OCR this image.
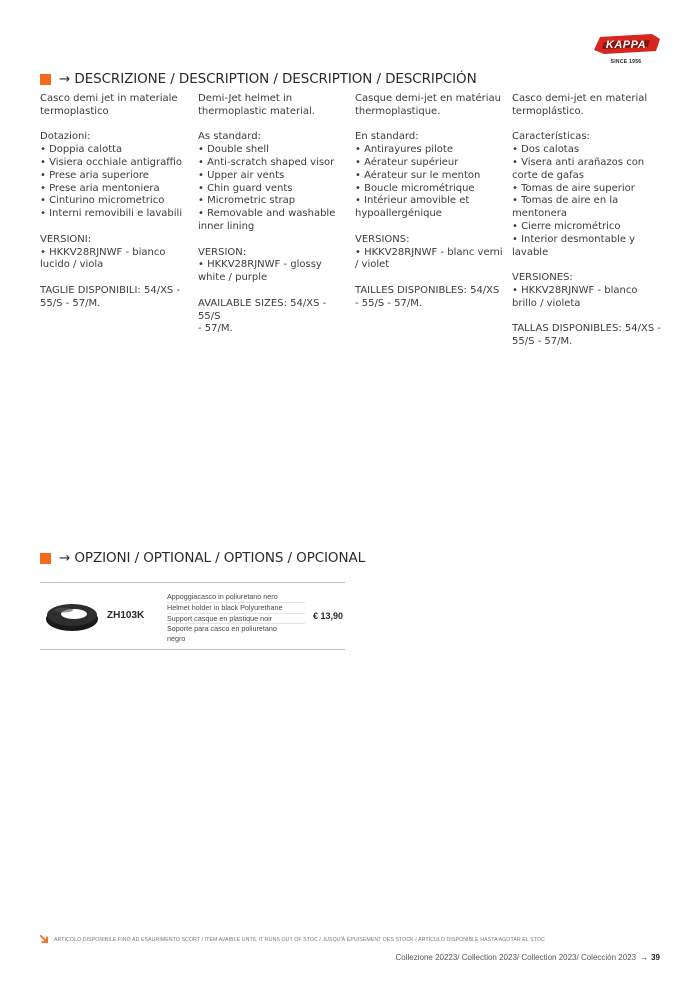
KAPPA
SINCE 1956
→ DESCRIZIONE / DESCRIPTION / DESCRIPTION / DESCRIPCIÓN

Casco demi jet in materiale

termoplastico

Dotazioni:

• Doppia calotta

• Visiera occhiale antigraffio

• Prese aria superiore

• Prese aria mentoniera

• Cinturino micrometrico

• Interni removibili e lavabili

VERSIONI:

• HKKV28RJNWF - bianco

lucido / viola

TAGLIE DISPONIBILI: 54/XS -

55/S - 57/M.

Demi-Jet helmet in

thermoplastic material.

As standard:

• Double shell

• Anti-scratch shaped visor

• Upper air vents

• Chin guard vents

• Micrometric strap

• Removable and washable

inner lining

VERSION:

• HKKV28RJNWF - glossy

white / purple

AVAILABLE SIZES: 54/XS - 55/S

- 57/M.

Casque demi-jet en matériau

thermoplastique.

En standard:

• Antirayures pilote

• Aérateur supérieur

• Aérateur sur le menton

• Boucle micrométrique

• Intérieur amovible et

hypoallergénique

VERSIONS:

• HKKV28RJNWF - blanc verni

/ violet

TAILLES DISPONIBLES: 54/XS

- 55/S - 57/M.

Casco demi-jet en material

termoplástico.

Características:

• Dos calotas

• Visera anti arañazos con

corte de gafas

• Tomas de aire superior

• Tomas de aire en la

mentonera

• Cierre micrométrico

• Interior desmontable y

lavable

VERSIONES:

• HKKV28RJNWF - blanco

brillo / violeta

TALLAS DISPONIBLES: 54/XS -

55/S - 57/M.

→ OPZIONI / OPTIONAL / OPTIONS / OPCIONAL
ZH103K
Appoggiacasco in poliuretano nero
Helmet holder in black Polyurethane
Support casque en plastique noir
Soporte para casco en poliuretano
negro
€ 13,90
ARTICOLO DISPONIBILE FINO AD ESAURIMENTO SCORT / ITEM AVAIBLE UNTIL IT RUNS OUT OF STOC / JUSQU'À ÉPUISEMENT DES STOCK / ARTÍCULO DISPONIBLE HASTA AGOTAR EL STOC
Collezione 20223/ Collection 2023/ Collection 2023/ Colección 2023 → 39
